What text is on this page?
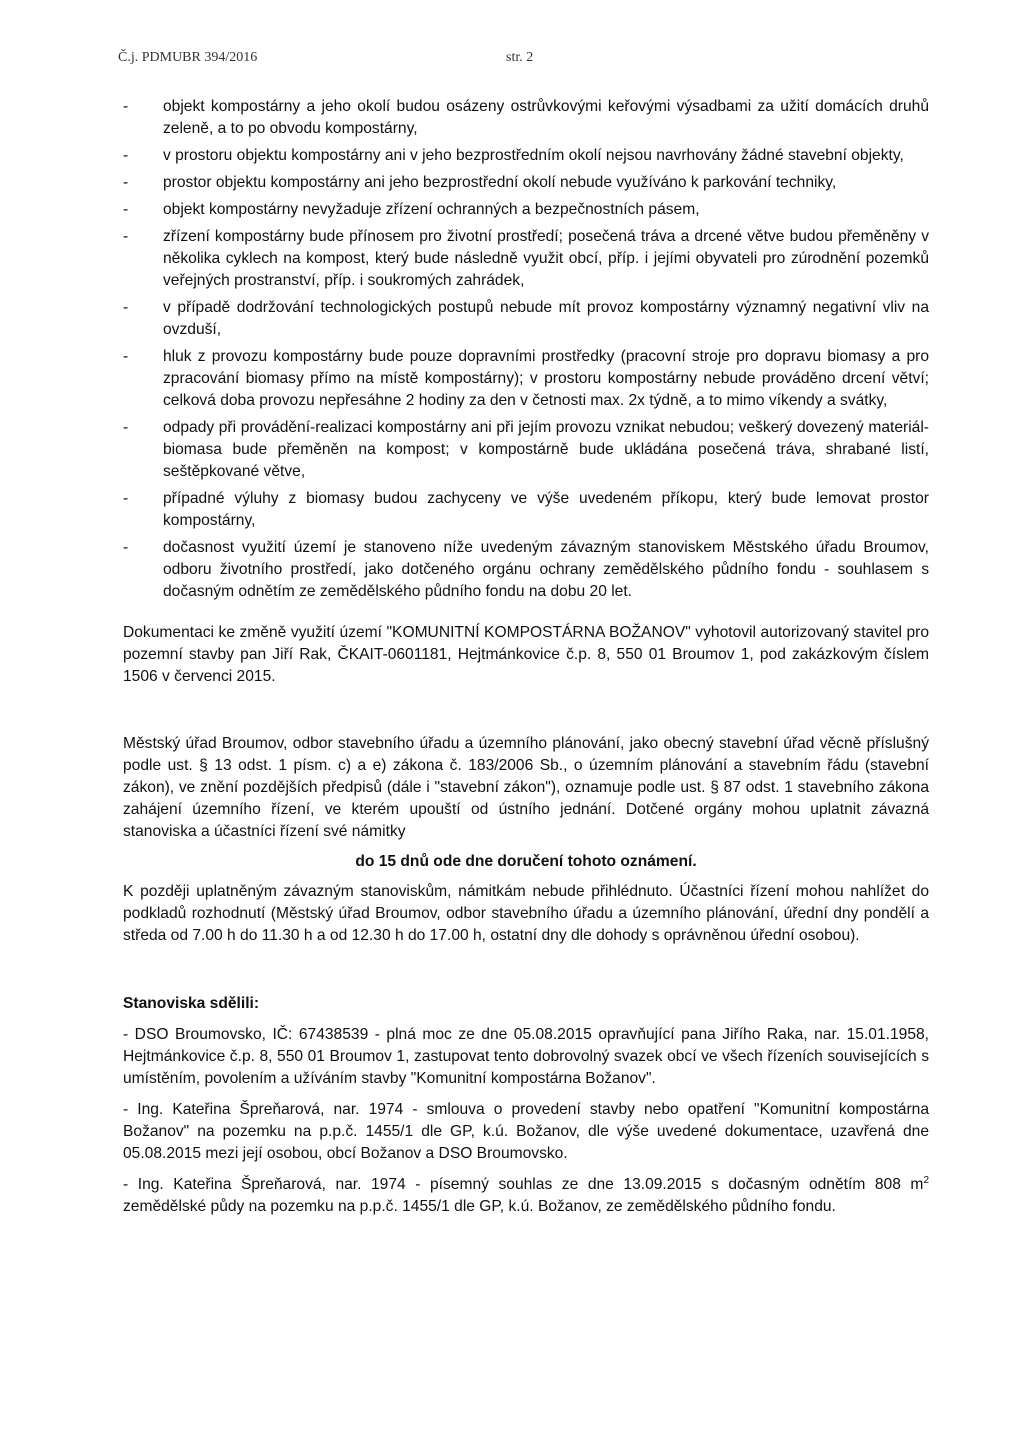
Č.j. PDMUBR 394/2016	str. 2
- objekt kompostárny a jeho okolí budou osázeny ostrůvkovými keřovými výsadbami za užití domácích druhů zeleně, a to po obvodu kompostárny,
- v prostoru objektu kompostárny ani v jeho bezprostředním okolí nejsou navrhovány žádné stavební objekty,
- prostor objektu kompostárny ani jeho bezprostřední okolí nebude využíváno k parkování techniky,
- objekt kompostárny nevyžaduje zřízení ochranných a bezpečnostních pásem,
- zřízení kompostárny bude přínosem pro životní prostředí; posečená tráva a drcené větve budou přeměněny v několika cyklech na kompost, který bude následně využit obcí, příp. i jejími obyvateli pro zúrodnění pozemků veřejných prostranství, příp. i soukromých zahrádek,
- v případě dodržování technologických postupů nebude mít provoz kompostárny významný negativní vliv na ovzduší,
- hluk z provozu kompostárny bude pouze dopravními prostředky (pracovní stroje pro dopravu biomasy a pro zpracování biomasy přímo na místě kompostárny); v prostoru kompostárny nebude prováděno drcení větví; celková doba provozu nepřesáhne 2 hodiny za den v četnosti max. 2x týdně, a to mimo víkendy a svátky,
- odpady při provádění-realizaci kompostárny ani při jejím provozu vznikat nebudou; veškerý dovezený materiál-biomasa bude přeměněn na kompost; v kompostárně bude ukládána posečená tráva, shrabané listí, seštěpkované větve,
- případné výluhy z biomasy budou zachyceny ve výše uvedeném příkopu, který bude lemovat prostor kompostárny,
- dočasnost využití území je stanoveno níže uvedeným závazným stanoviskem Městského úřadu Broumov, odboru životního prostředí, jako dotčeného orgánu ochrany zemědělského půdního fondu - souhlasem s dočasným odnětím ze zemědělského půdního fondu na dobu 20 let.

Dokumentaci ke změně využití území "KOMUNITNÍ KOMPOSTÁRNA BOŽANOV" vyhotovil autorizovaný stavitel pro pozemní stavby pan Jiří Rak, ČKAIT-0601181, Hejtmánkovice č.p. 8, 550 01 Broumov 1, pod zakázkovým číslem 1506 v červenci 2015.

Městský úřad Broumov, odbor stavebního úřadu a územního plánování, jako obecný stavební úřad věcně příslušný podle ust. § 13 odst. 1 písm. c) a e) zákona č. 183/2006 Sb., o územním plánování a stavebním řádu (stavební zákon), ve znění pozdějších předpisů (dále i "stavební zákon"), oznamuje podle ust. § 87 odst. 1 stavebního zákona zahájení územního řízení, ve kterém upouští od ústního jednání. Dotčené orgány mohou uplatnit závazná stanoviska a účastníci řízení své námitky

do 15 dnů ode dne doručení tohoto oznámení.

K později uplatněným závazným stanoviskům, námitkám nebude přihlédnuto. Účastníci řízení mohou nahlížet do podkladů rozhodnutí (Městský úřad Broumov, odbor stavebního úřadu a územního plánování, úřední dny pondělí a středa od 7.00 h do 11.30 h a od 12.30 h do 17.00 h, ostatní dny dle dohody s oprávněnou úřední osobou).

Stanoviska sdělili:

- DSO Broumovsko, IČ: 67438539 - plná moc ze dne 05.08.2015 opravňující pana Jiřího Raka, nar. 15.01.1958, Hejtmánkovice č.p. 8, 550 01 Broumov 1, zastupovat tento dobrovolný svazek obcí ve všech řízeních souvisejících s umístěním, povolením a užíváním stavby "Komunitní kompostárna Božanov".

- Ing. Kateřina Špreňarová, nar. 1974 - smlouva o provedení stavby nebo opatření "Komunitní kompostárna Božanov" na pozemku na p.p.č. 1455/1 dle GP, k.ú. Božanov, dle výše uvedené dokumentace, uzavřená dne 05.08.2015 mezi její osobou, obcí Božanov a DSO Broumovsko.

- Ing. Kateřina Špreňarová, nar. 1974 - písemný souhlas ze dne 13.09.2015 s dočasným odnětím 808 $m^2$ zemědělské půdy na pozemku na p.p.č. 1455/1 dle GP, k.ú. Božanov, ze zemědělského půdního fondu.
